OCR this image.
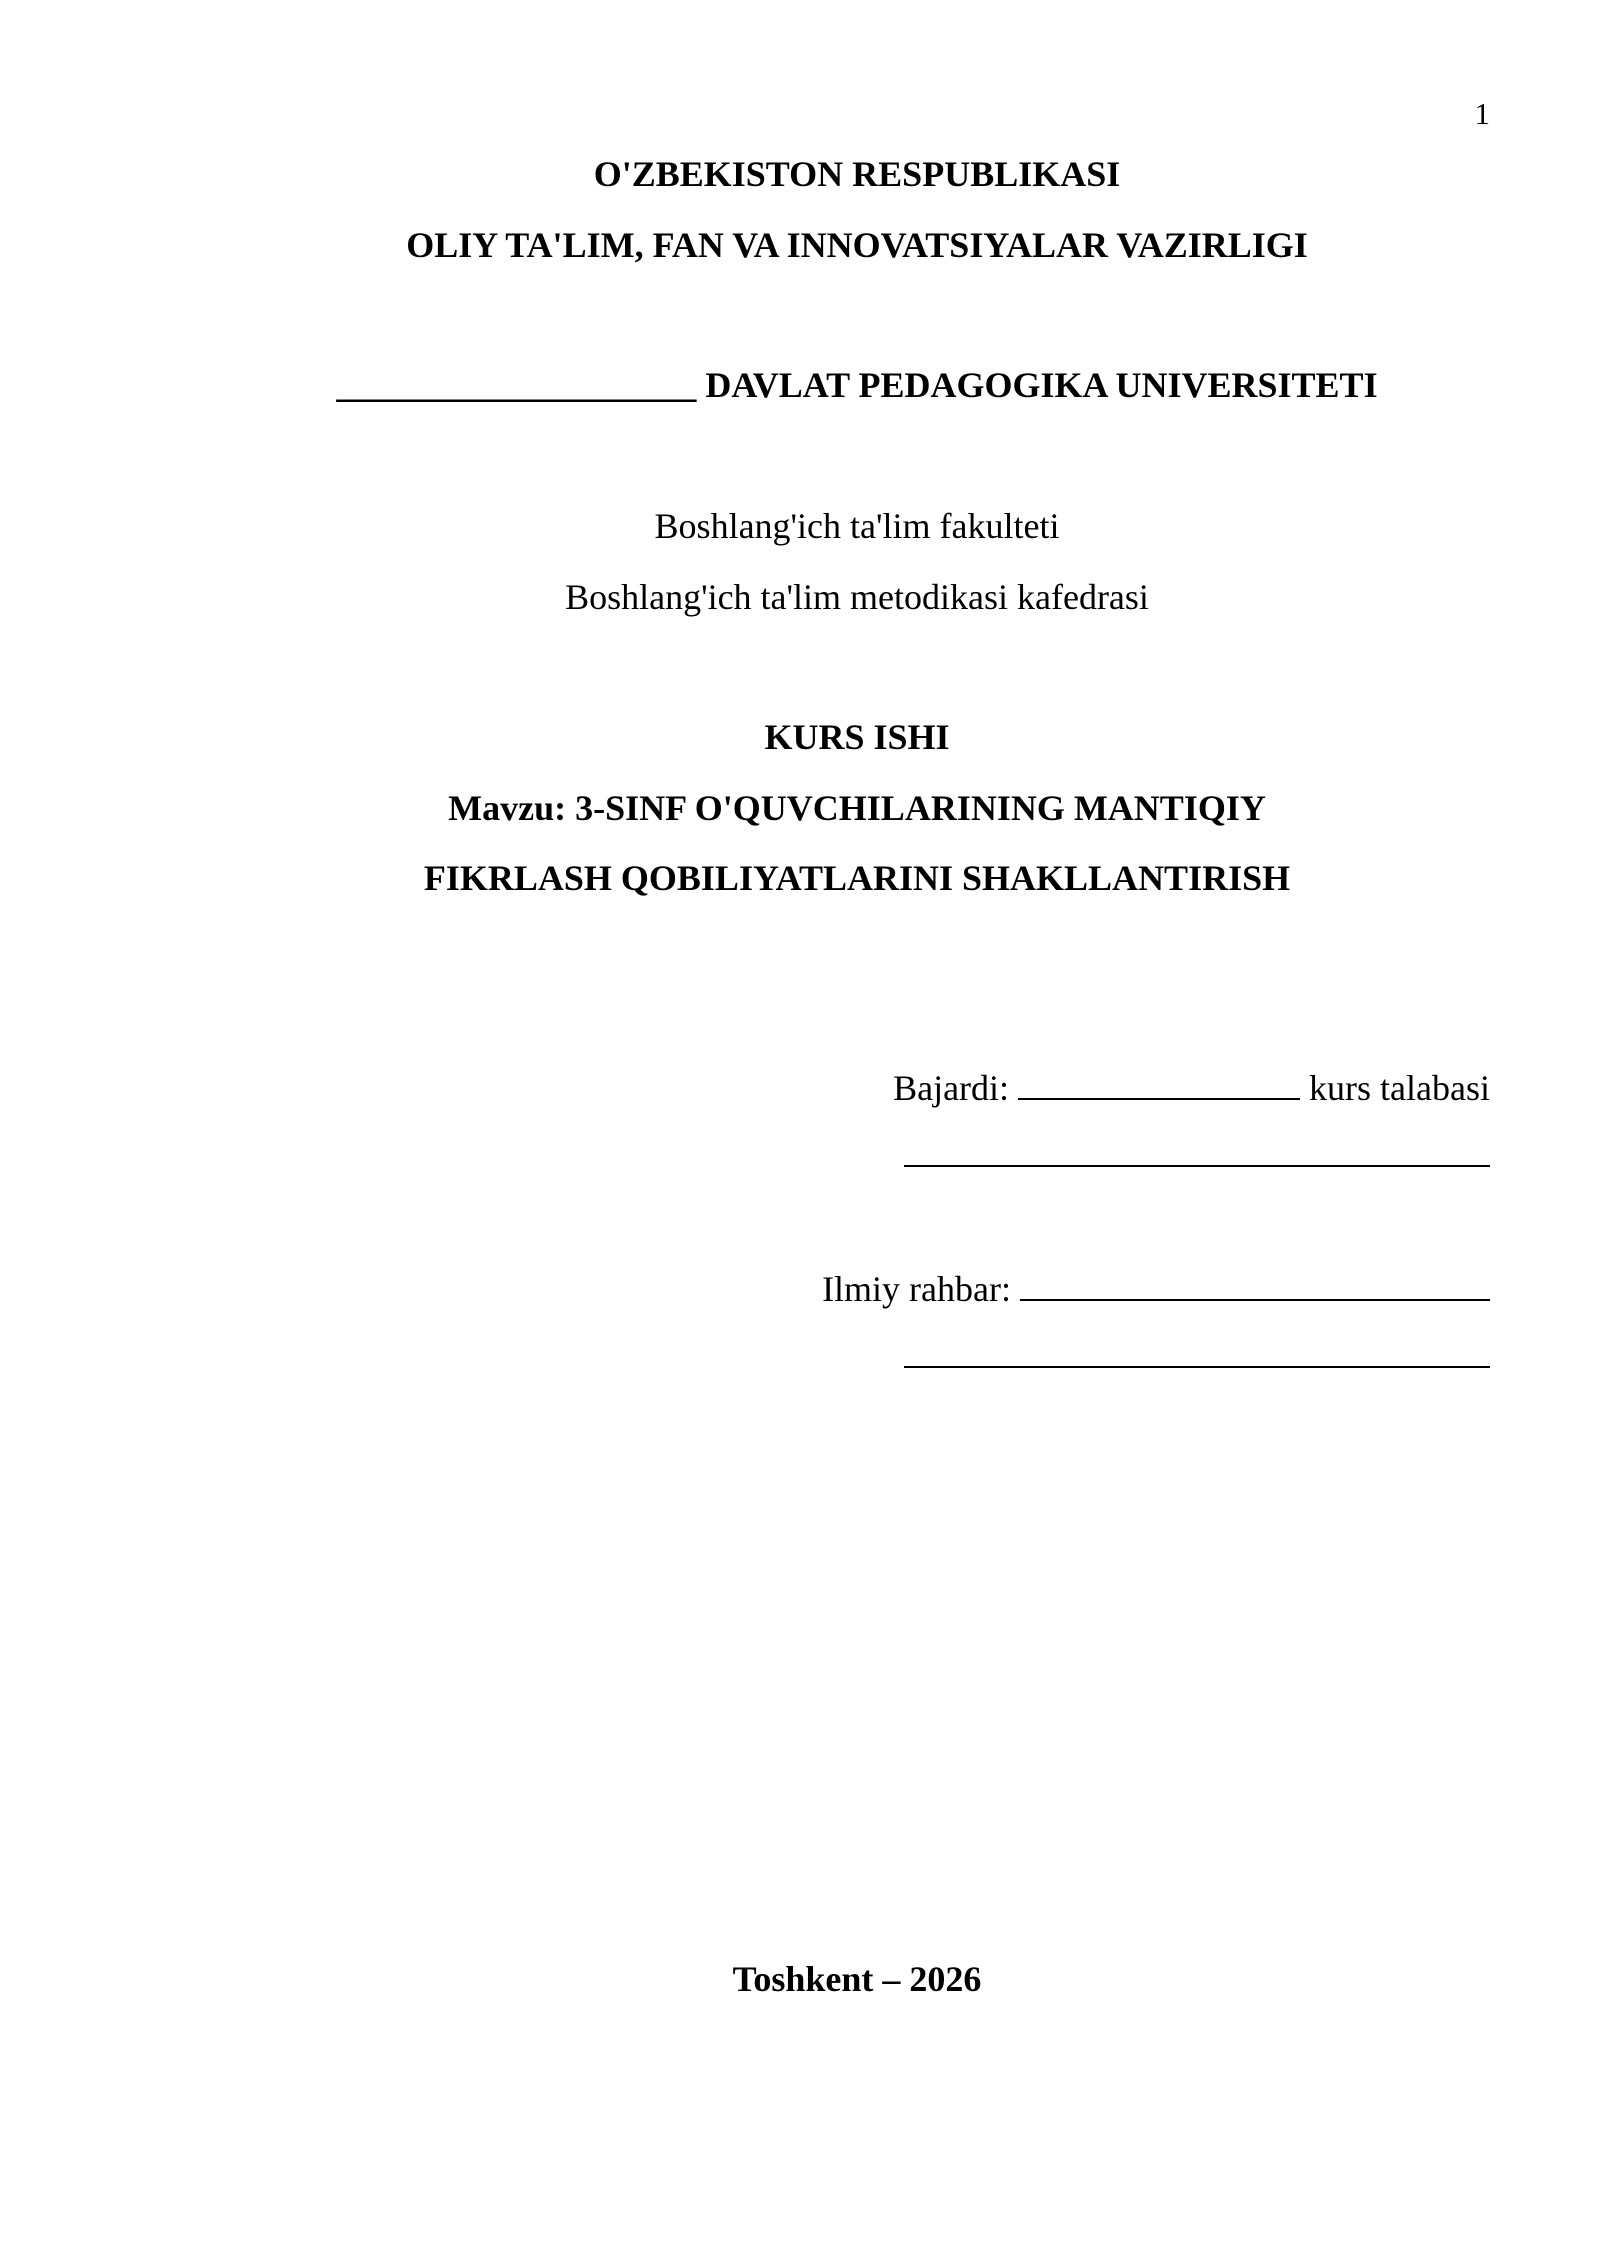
1
O'ZBEKISTON RESPUBLIKASI
OLIY TA'LIM, FAN VA INNOVATSIYALAR VAZIRLIGI
____________________ DAVLAT PEDAGOGIKA UNIVERSITETI
Boshlang'ich ta'lim fakulteti
Boshlang'ich ta'lim metodikasi kafedrasi
KURS ISHI
Mavzu: 3-SINF O'QUVCHILARINING MANTIQIY
FIKRLASH QOBILIYATLARINI SHAKLLANTIRISH
Bajardi:	kurs talabasi
Ilmiy rahbar:
Toshkent – 2026
